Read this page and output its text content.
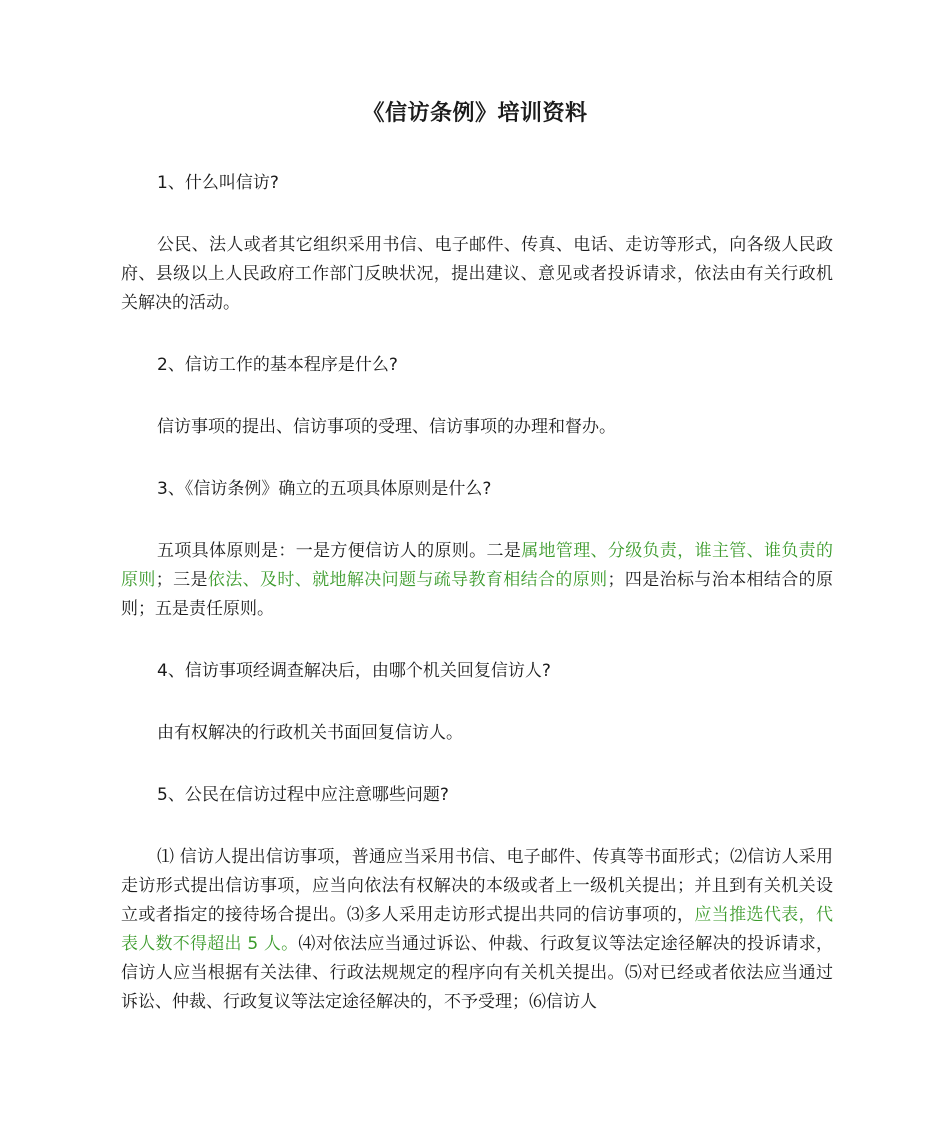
《信访条例》培训资料

1、什么叫信访?

公民、法人或者其它组织采用书信、电子邮件、传真、电话、走访等形式，向各级人民政府、县级以上人民政府工作部门反映状况，提出建议、意见或者投诉请求，依法由有关行政机关解决的活动。

2、信访工作的基本程序是什么?

信访事项的提出、信访事项的受理、信访事项的办理和督办。

3、《信访条例》确立的五项具体原则是什么?

五项具体原则是：一是方便信访人的原则。二是属地管理、分级负责，谁主管、谁负责的原则；三是依法、及时、就地解决问题与疏导教育相结合的原则；四是治标与治本相结合的原则；五是责任原则。

4、信访事项经调查解决后，由哪个机关回复信访人?

由有权解决的行政机关书面回复信访人。

5、公民在信访过程中应注意哪些问题?

⑴ 信访人提出信访事项，普通应当采用书信、电子邮件、传真等书面形式；⑵信访人采用走访形式提出信访事项，应当向依法有权解决的本级或者上一级机关提出；并且到有关机关设立或者指定的接待场合提出。⑶多人采用走访形式提出共同的信访事项的，应当推选代表，代表人数不得超出 5 人。⑷对依法应当通过诉讼、仲裁、行政复议等法定途径解决的投诉请求，信访人应当根据有关法律、行政法规规定的程序向有关机关提出。⑸对已经或者依法应当通过诉讼、仲裁、行政复议等法定途径解决的，不予受理；⑹信访人
